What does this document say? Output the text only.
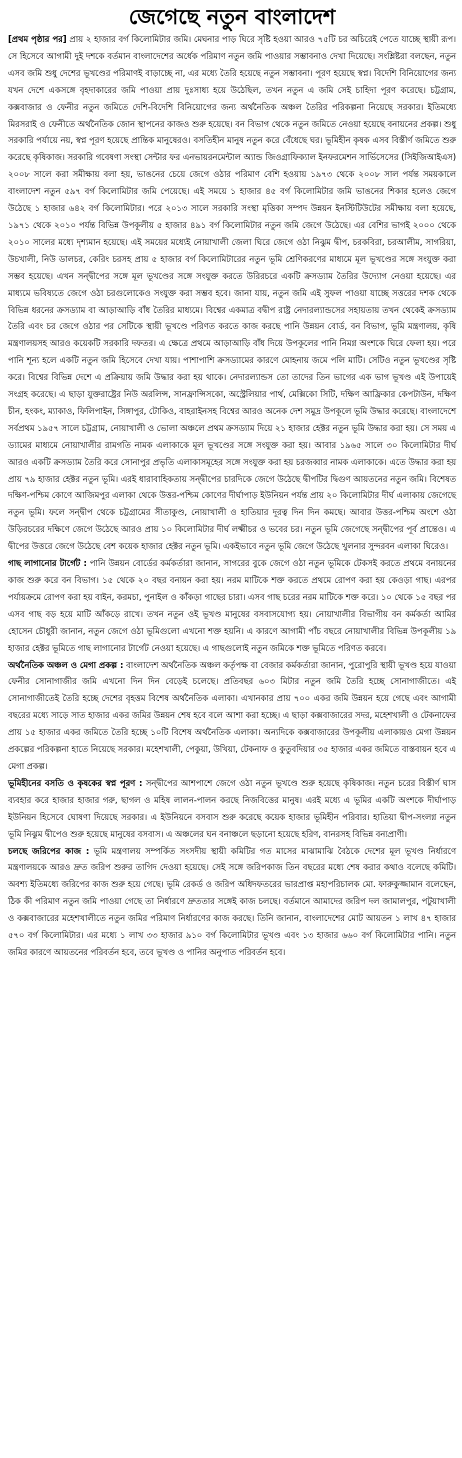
জেগেছে নতুন বাংলাদেশ

[প্রথম পৃষ্ঠার পর] প্রায় ২ হাজার বর্গ কিলোমিটার জমি। মেঘনার পাড় ঘিরে সৃষ্টি হওয়া আরও ৭৫টি চর অচিরেই পেতে যাচ্ছে স্থায়ী রূপ। সে হিসেবে আগামী দুই দশকে বর্তমান বাংলাদেশের অর্ধেক পরিমাণ নতুন জমি পাওয়ার সম্ভাবনাও দেখা দিয়েছে। সংশ্লিষ্টরা বলছেন, নতুন এসব জমি শুধু দেশের ভূখণ্ডের পরিমাণই বাড়াচ্ছে না, এর মধ্যে তৈরি হয়েছে নতুন সম্ভাবনা। পূরণ হয়েছে স্বপ্ন। বিদেশি বিনিয়োগের জন্য যখন দেশে একসঙ্গে বৃহদাকারের জমি পাওয়া প্রায় দুঃসাধ্য হয়ে উঠেছিল, তখন নতুন এ জমি সেই চাহিদা পূরণ করেছে। চট্টগ্রাম, কক্সবাজার ও ফেনীর নতুন জমিতে দেশি-বিদেশি বিনিয়োগের জন্য অর্থনৈতিক অঞ্চল তৈরির পরিকল্পনা নিয়েছে সরকার। ইতিমধ্যে মিরসরাই ও ফেনীতে অর্থনৈতিক জোন স্থাপনের কাজও শুরু হয়েছে। বন বিভাগ থেকে নতুন জমিতে নেওয়া হয়েছে বনায়নের প্রকল্প। শুধু সরকারি পর্যায়ে নয়, স্বপ্ন পূরণ হয়েছে প্রান্তিক মানুষেরও। বসতিহীন মানুষ নতুন করে বেঁধেছে ঘর। ভূমিহীন কৃষক এসব বিস্তীর্ণ জমিতে শুরু করেছে কৃষিকাজ। সরকারি গবেষণা সংস্থা সেন্টার ফর এনভায়রনমেন্টাল অ্যান্ড জিওগ্রাফিক্যাল ইনফরমেশন সার্ভিসেসের (সিইজিআইএস) ২০০৮ সালে করা সমীক্ষায় বলা হয়, ভাঙনের চেয়ে জেগে ওঠার পরিমাণ বেশি হওয়ায় ১৯৭৩ থেকে ২০০৮ সাল পর্যন্ত সময়কালে বাংলাদেশ নতুন ৫৯৭ বর্গ কিলোমিটার জমি পেয়েছে। এই সময়ে ১ হাজার ৪৫ বর্গ কিলোমিটার জমি ভাঙনের শিকার হলেও জেগে উঠেছে ১ হাজার ৬৪২ বর্গ কিলোমিটার। পরে ২০১৩ সালে সরকারি সংস্থা মৃত্তিকা সম্পদ উন্নয়ন ইনস্টিটিউটের সমীক্ষায় বলা হয়েছে, ১৯৭১ থেকে ২০১০ পর্যন্ত বিভিন্ন উপকূলীয় ৫ হাজার ৪৯১ বর্গ কিলোমিটার নতুন জমি জেগে উঠেছে। এর বেশির ভাগই ২০০০ থেকে ২০১০ সালের মধ্যে দৃশ্যমান হয়েছে। এই সময়ের মধ্যেই নোয়াখালী জেলা ঘিরে জেগে ওঠা নিঝুম দ্বীপ, চরকবিরা, চরআলীম, সাগরিয়া, উচখালী, নিউ ডালচর, কেরিং চরসহ প্রায় ৫ হাজার বর্গ কিলোমিটারের নতুন ভূমি শ্রেণিকরণের মাধ্যমে মূল ভূখণ্ডের সঙ্গে সংযুক্ত করা সম্ভব হয়েছে। এখন সন্দ্বীপের সঙ্গে মূল ভূখণ্ডের সঙ্গে সংযুক্ত করতে উরিরচরে একটি ক্রসড্যাম তৈরির উদ্যোগ নেওয়া হয়েছে। এর মাধ্যমে ভবিষ্যতে জেগে ওঠা চরগুলোকেও সংযুক্ত করা সম্ভব হবে। জানা যায়, নতুন জমি এই সুফল পাওয়া যাচ্ছে সত্তরের দশক থেকে বিভিন্ন ধরনের ক্রসড্যাম বা আড়াআড়ি বাঁধ তৈরির মাধ্যমে। বিশ্বের একমাত্র বদ্বীপ রাষ্ট্র নেদারল্যান্ডসের সহায়তায় তখন থেকেই ক্রসড্যাম তৈরি এবং চর জেগে ওঠার পর সেটিকে স্থায়ী ভূখণ্ডে পরিণত করতে কাজ করছে পানি উন্নয়ন বোর্ড, বন বিভাগ, ভূমি মন্ত্রণালয়, কৃষি মন্ত্রণালয়সহ আরও কয়েকটি সরকারি দফতর। এ ক্ষেত্রে প্রথমে আড়াআড়ি বাঁধ দিয়ে উপকূলের পানি নিমগ্ন অংশকে ঘিরে ফেলা হয়। পরে পানি শূন্য হলে একটি নতুন জমি হিসেবে দেখা যায়। পাশাপাশি ক্রসড্যামের কারণে মোহনায় জমে পলি মাটি। সেটিও নতুন ভূখণ্ডের সৃষ্টি করে। বিশ্বের বিভিন্ন দেশে এ প্রক্রিয়ায় জমি উদ্ধার করা হয় থাকে। নেদারল্যান্ডস তো তাদের তিন ভাগের এক ভাগ ভূখণ্ড এই উপায়েই সংগ্রহ করেছে। এ ছাড়া যুক্তরাষ্ট্রের নিউ অরলিন্স, সানফ্রান্সিসকো, অস্ট্রেলিয়ার পার্থ, মেক্সিকো সিটি, দক্ষিণ আফ্রিকার কেপটাউন, দক্ষিণ চীন, হংকং, ম্যাকাও, ফিলিপাইন, সিঙ্গাপুর, টোকিও, বাহরাইনসহ বিশ্বের আরও অনেক দেশ সমুদ্র উপকূলে ভূমি উদ্ধার করেছে। বাংলাদেশে সর্বপ্রথম ১৯৫৭ সালে চট্টগ্রাম, নোয়াখালী ও ভোলা অঞ্চলে প্রথম ক্রসড্যাম দিয়ে ২১ হাজার হেক্টর নতুন ভূমি উদ্ধার করা হয়। সে সময় এ ড্যামের মাধ্যমে নোয়াখালীর রামগতি নামক এলাকাকে মূল ভূখণ্ডের সঙ্গে সংযুক্ত করা হয়। আবার ১৯৬৫ সালে ৩০ কিলোমিটার দীর্ঘ আরও একটি ক্রসড্যাম তৈরি করে সোনাপুর প্রভৃতি এলাকাসমূহের সঙ্গে সংযুক্ত করা হয় চরজব্বার নামক এলাকাকে। এতে উদ্ধার করা হয় প্রায় ৭৯ হাজার হেক্টর নতুন ভূমি। এরই ধারাবাহিকতায় সন্দ্বীপের চারদিকে জেগে উঠেছে দ্বীপটির দ্বিগুণ আয়তনের নতুন জমি। বিশেষত দক্ষিণ-পশ্চিম কোণে আজিমপুর এলাকা থেকে উত্তর-পশ্চিম কোণের দীর্ঘাপাড় ইউনিয়ন পর্যন্ত প্রায় ২০ কিলোমিটার দীর্ঘ এলাকায় জেগেছে নতুন ভূমি। ফলে সন্দ্বীপ থেকে চট্টগ্রামের সীতাকুণ্ড, নোয়াখালী ও হাতিয়ার দূরত্ব দিন দিন কমছে। আবার উত্তর-পশ্চিম অংশে ওঠা উড়িরচরের দক্ষিণে জেগে উঠেছে আরও প্রায় ১০ কিলোমিটার দীর্ঘ লক্ষ্মীচর ও ভবের চর। নতুন ভূমি জেগেছে সন্দ্বীপের পূর্ব প্রান্তেও। এ দ্বীপের উত্তরে জেগে উঠেছে বেশ কয়েক হাজার হেক্টর নতুন ভূমি। একইভাবে নতুন ভূমি জেগে উঠেছে খুলনার সুন্দরবন এলাকা ঘিরেও।

গাছ লাগানোর টার্গেট : পানি উন্নয়ন বোর্ডের কর্মকর্তারা জানান, সাগরের বুকে জেগে ওঠা নতুন ভূমিকে টেকসই করতে প্রথমে বনায়নের কাজ শুরু করে বন বিভাগ। ১৫ থেকে ২০ বছর বনায়ন করা হয়। নরম মাটিকে শক্ত করতে প্রথমে রোপণ করা হয় কেওড়া গাছ। এরপর পর্যায়ক্রমে রোপণ করা হয় বাইন, করমচা, পুনাইল ও কাঁকড়া গাছের চারা। এসব গাছ চরের নরম মাটিকে শক্ত করে। ১০ থেকে ১৫ বছর পর এসব গাছ বড় হয়ে মাটি আঁকড়ে রাখে। তখন নতুন ওই ভূখণ্ড মানুষের বসবাসযোগ্য হয়। নোয়াখালীর বিভাগীয় বন কর্মকর্তা আমির হোসেন চৌধুরী জানান, নতুন জেগে ওঠা ভূমিগুলো এখনো শক্ত হয়নি। এ কারণে আগামী পাঁচ বছরে নোয়াখালীর বিভিন্ন উপকূলীয় ১৯ হাজার হেক্টর ভূমিতে গাছ লাগানোর টার্গেট নেওয়া হয়েছে। এ গাছগুলোই নতুন জমিকে শক্ত ভূমিতে পরিণত করবে।

অর্থনৈতিক অঞ্চল ও মেগা প্রকল্প : বাংলাদেশ অর্থনৈতিক অঞ্চল কর্তৃপক্ষ বা বেজার কর্মকর্তারা জানান, পুরোপুরি স্থায়ী ভূখণ্ড হয়ে যাওয়া ফেনীর সোনাগাজীর জমি এখনো দিন দিন বেড়েই চলেছে। প্রতিবছর ৬০৩ মিটার নতুন জমি তৈরি হচ্ছে সোনাগাজীতে। এই সোনাগাজীতেই তৈরি হচ্ছে দেশের বৃহত্তম বিশেষ অর্থনৈতিক এলাকা। এখানকার প্রায় ৭০০ একর জমি উন্নয়ন হয়ে গেছে এবং আগামী বছরের মধ্যে সাড়ে সাত হাজার একর জমির উন্নয়ন শেষ হবে বলে আশা করা হচ্ছে। এ ছাড়া কক্সবাজারের সদর, মহেশখালী ও টেকনাফের প্রায় ১৫ হাজার একর জমিতে তৈরি হচ্ছে ১০টি বিশেষ অর্থনৈতিক এলাকা। অন্যদিকে কক্সবাজারের উপকূলীয় এলাকায়ও মেগা উন্নয়ন প্রকল্পের পরিকল্পনা হাতে নিয়েছে সরকার। মহেশখালী, পেকুয়া, উখিয়া, টেকনাফ ও কুতুবদিয়ার ৩৫ হাজার একর জমিতে বাস্তবায়ন হবে এ মেগা প্রকল্প।

ভূমিহীনের বসতি ও কৃষকের স্বপ্ন পূরণ : সন্দ্বীপের আশপাশে জেগে ওঠা নতুন ভূখণ্ডে শুরু হয়েছে কৃষিকাজ। নতুন চরের বিস্তীর্ণ ঘাস ব্যবহার করে হাজার হাজার গরু, ছাগল ও মহিষ লালন-পালন করছে নিজবিত্তের মানুষ। এরই মধ্যে এ ভূমির একটি অংশকে দীর্ঘাপাড় ইউনিয়ন হিসেবে ঘোষণা দিয়েছে সরকার। এ ইউনিয়নে বসবাস শুরু করেছে কয়েক হাজার ভূমিহীন পরিবার। হাতিয়া দ্বীপ-সংলগ্ন নতুন ভূমি নিঝুম দ্বীপেও শুরু হয়েছে মানুষের বসবাস। এ অঞ্চলের ঘন বনাঞ্চলে ছড়ানো হয়েছে হরিণ, বানরসহ বিভিন্ন বন্যপ্রাণী।

চলছে জরিপের কাজ : ভূমি মন্ত্রণালয় সম্পর্কিত সংসদীয় স্থায়ী কমিটির গত মাসের মাঝামাঝি বৈঠকে দেশের মূল ভূখণ্ড নির্ধারণে মন্ত্রণালয়কে আরও দ্রুত জরিপ শুরুর তাগিদ দেওয়া হয়েছে। সেই সঙ্গে জরিপকাজ তিন বছরের মধ্যে শেষ করার কথাও বলেছে কমিটি। অবশ্য ইতিমধ্যে জরিপের কাজ শুরু হয়ে গেছে। ভূমি রেকর্ড ও জরিপ অধিদফতরের ভারপ্রাপ্ত মহাপরিচালক মো. ফারুকুজ্জামান বলেছেন, ঠিক কী পরিমাণ নতুন জমি পাওয়া গেছে তা নির্ধারণে দ্রুততার সঙ্গেই কাজ চলছে। বর্তমানে আমাদের জরিপ দল জামালপুর, পটুয়াখালী ও কক্সবাজারের মহেশখালীতে নতুন জমির পরিমাণ নির্ধারণের কাজ করছে। তিনি জানান, বাংলাদেশের মোট আয়তন ১ লাখ ৪৭ হাজার ৫৭০ বর্গ কিলোমিটার। এর মধ্যে ১ লাখ ৩৩ হাজার ৯১০ বর্গ কিলোমিটার ভূখণ্ড এবং ১৩ হাজার ৬৬০ বর্গ কিলোমিটার পানি। নতুন জমির কারণে আয়তনের পরিবর্তন হবে, তবে ভূখণ্ড ও পানির অনুপাত পরিবর্তন হবে।
